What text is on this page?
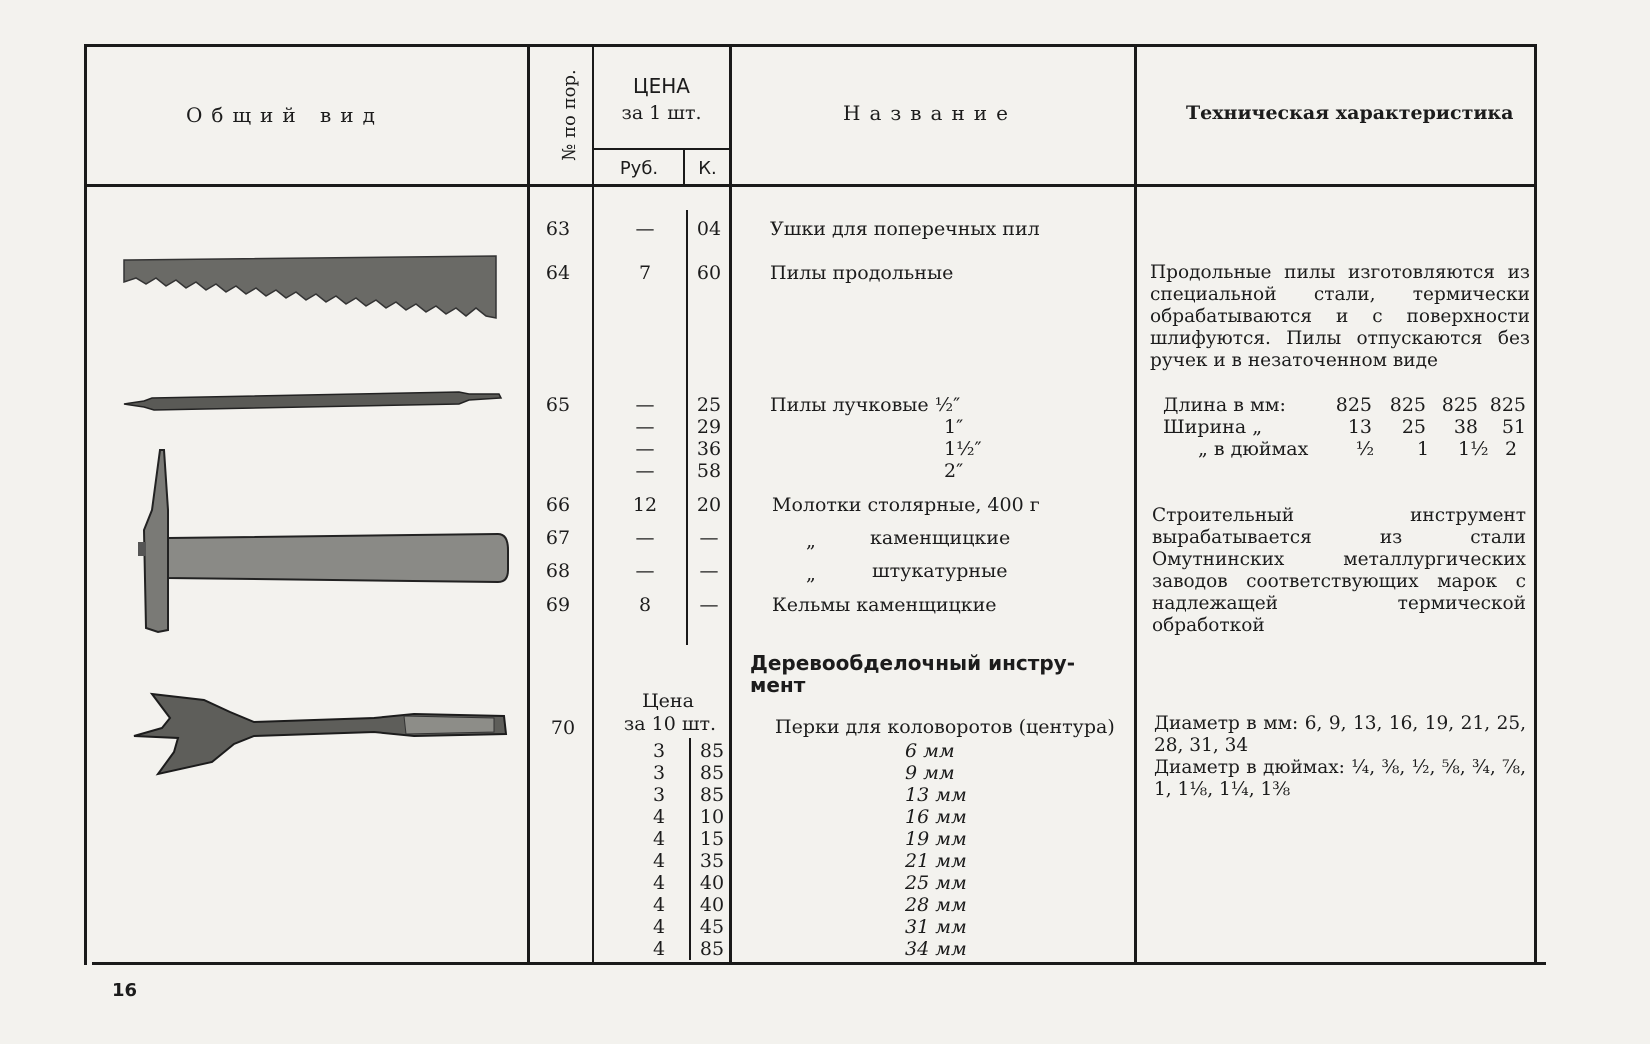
Общий вид	№ по пор.	ЦЕНА
за 1 шт.
Руб.	К.
Название	Техническая характеристика
63	—	04	Ушки для поперечных пил
64	7	60	Пилы продольные
65	—	25	Пилы лучковые ½″
—	29	1″
—	36	1½″
—	58	2″
66	12	20	Молотки столярные, 400 г
67	—	—	„	каменщицкие
68	—	—	„	штукатурные
69	8	—	Кельмы каменщицкие
Деревообделочный инстру-
мент
Цена
за 10 шт.
70	Перки для коловоротов (центура)
3	85	6 мм
3	85	9 мм
3	85	13 мм
4	10	16 мм
4	15	19 мм
4	35	21 мм
4	40	25 мм
4	40	28 мм
4	45	31 мм
4	85	34 мм
Продольные пилы изготовляются из специальной стали, термически обрабатываются и с поверхности шлифуются. Пилы отпускаются без ручек и в незаточенном виде
Длина в мм:	825 825 825 825
Ширина „	13	25	38	51
„ в дюймах	½	1	1½ 2
Строительный инструмент вырабатывается из стали Омутнинских металлургических заводов соответствующих марок с надлежащей термической обработкой
Диаметр в мм: 6, 9, 13, 16, 19, 21, 25, 28, 31, 34
Диаметр в дюймах: ¼, ⅜, ½, ⅝, ¾, ⅞, 1, 1⅛, 1¼, 1⅜
16
